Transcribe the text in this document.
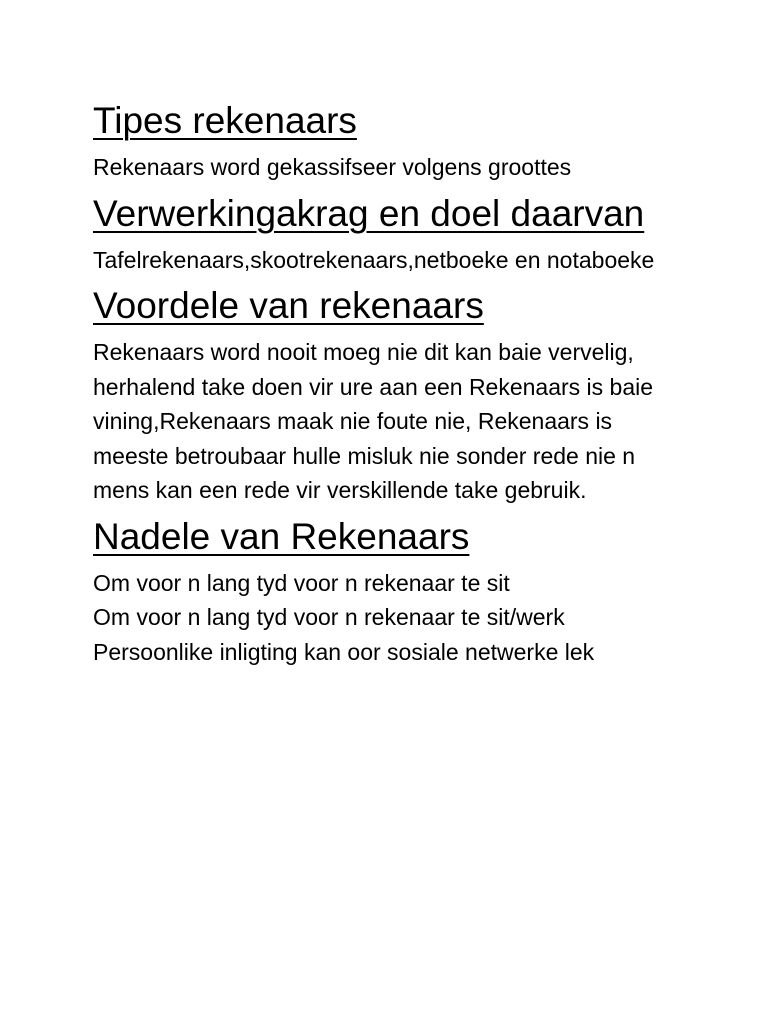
Tipes rekenaars

Rekenaars word gekassifseer volgens groottes

Verwerkingakrag en doel daarvan

Tafelrekenaars,skootrekenaars,netboeke en notaboeke

Voordele van rekenaars

Rekenaars word nooit moeg nie dit kan baie vervelig, herhalend take doen vir ure aan een Rekenaars is baie vining,Rekenaars maak nie foute nie, Rekenaars is meeste betroubaar hulle misluk nie sonder rede nie n mens kan een rede vir verskillende take gebruik.

Nadele van Rekenaars

Om voor n lang tyd voor n rekenaar te sit

Om voor n lang tyd voor n rekenaar te sit/werk

Persoonlike inligting kan oor sosiale netwerke lek
